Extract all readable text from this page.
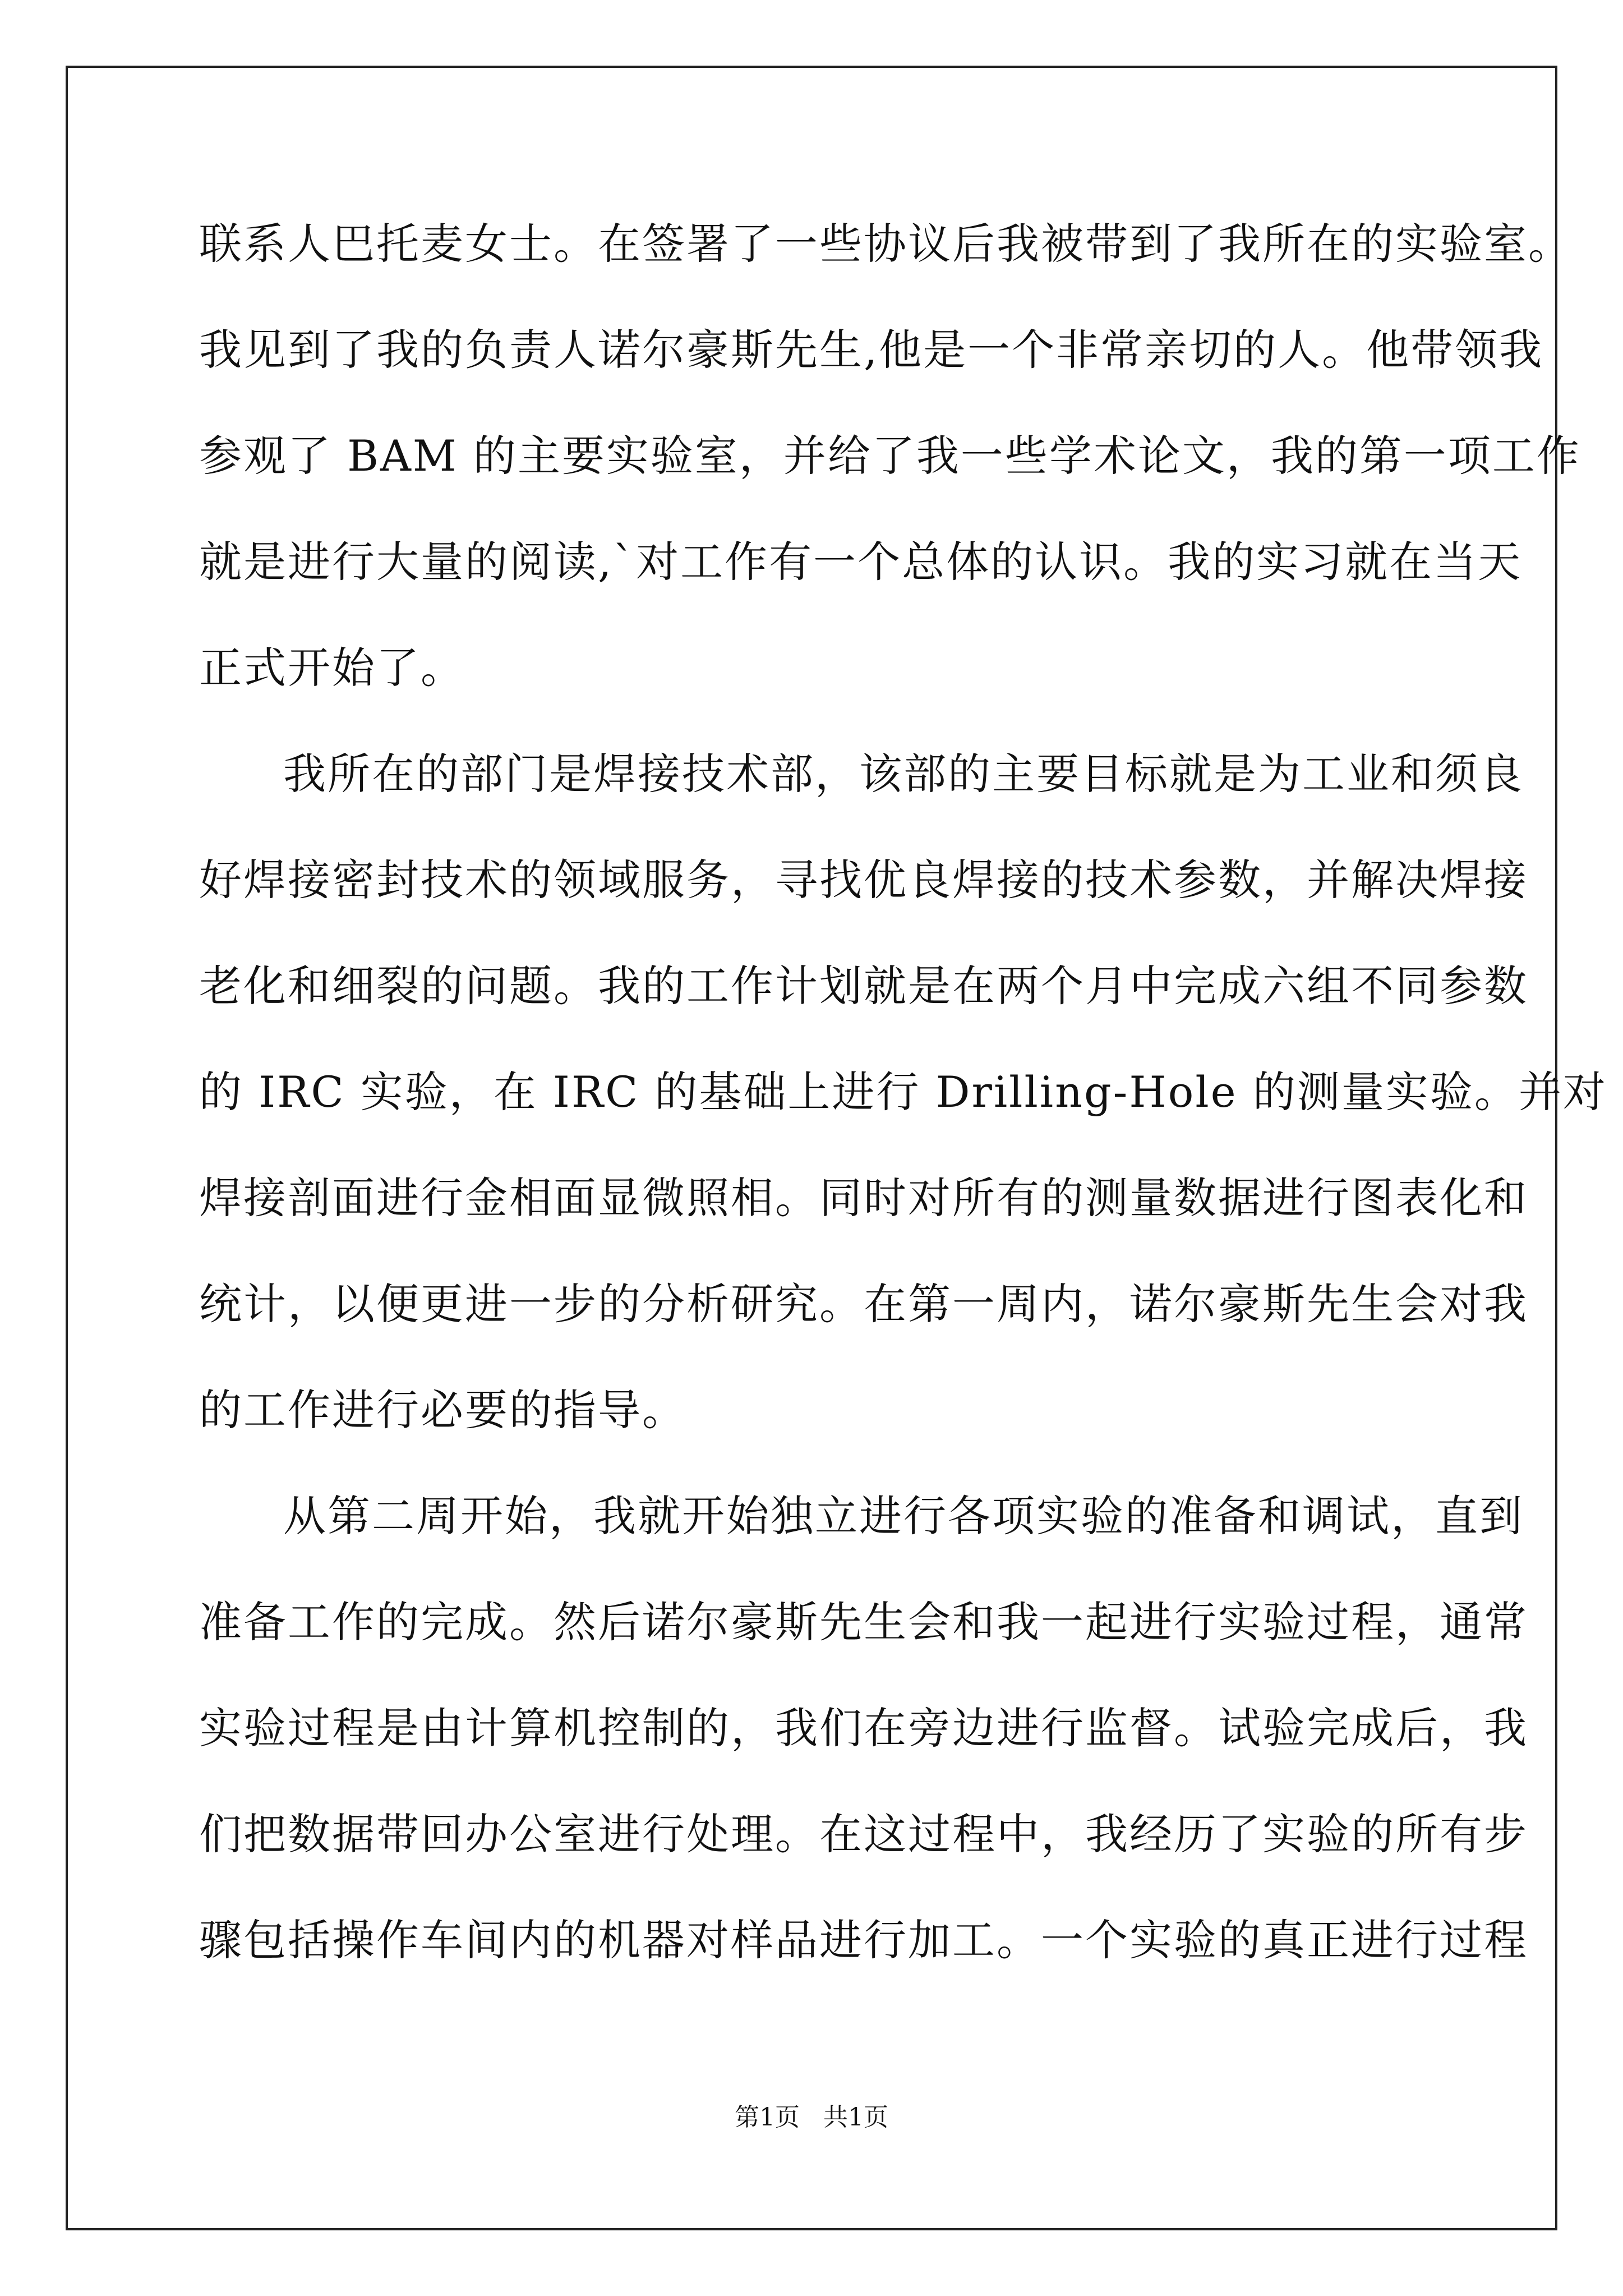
联系人巴托麦女士。在签署了一些协议后我被带到了我所在的实验室。
我见到了我的负责人诺尔豪斯先生,他是一个非常亲切的人。他带领我
参观了 BAM 的主要实验室，并给了我一些学术论文，我的第一项工作
就是进行大量的阅读,`对工作有一个总体的认识。我的实习就在当天
正式开始了。
我所在的部门是焊接技术部，该部的主要目标就是为工业和须良
好焊接密封技术的领域服务，寻找优良焊接的技术参数，并解决焊接
老化和细裂的问题。我的工作计划就是在两个月中完成六组不同参数
的 IRC 实验，在 IRC 的基础上进行 Drilling-Hole 的测量实验。并对
焊接剖面进行金相面显微照相。同时对所有的测量数据进行图表化和
统计，以便更进一步的分析研究。在第一周内，诺尔豪斯先生会对我
的工作进行必要的指导。
从第二周开始，我就开始独立进行各项实验的准备和调试，直到
准备工作的完成。然后诺尔豪斯先生会和我一起进行实验过程，通常
实验过程是由计算机控制的，我们在旁边进行监督。试验完成后，我
们把数据带回办公室进行处理。在这过程中，我经历了实验的所有步
骤包括操作车间内的机器对样品进行加工。一个实验的真正进行过程
第1页   共1页
